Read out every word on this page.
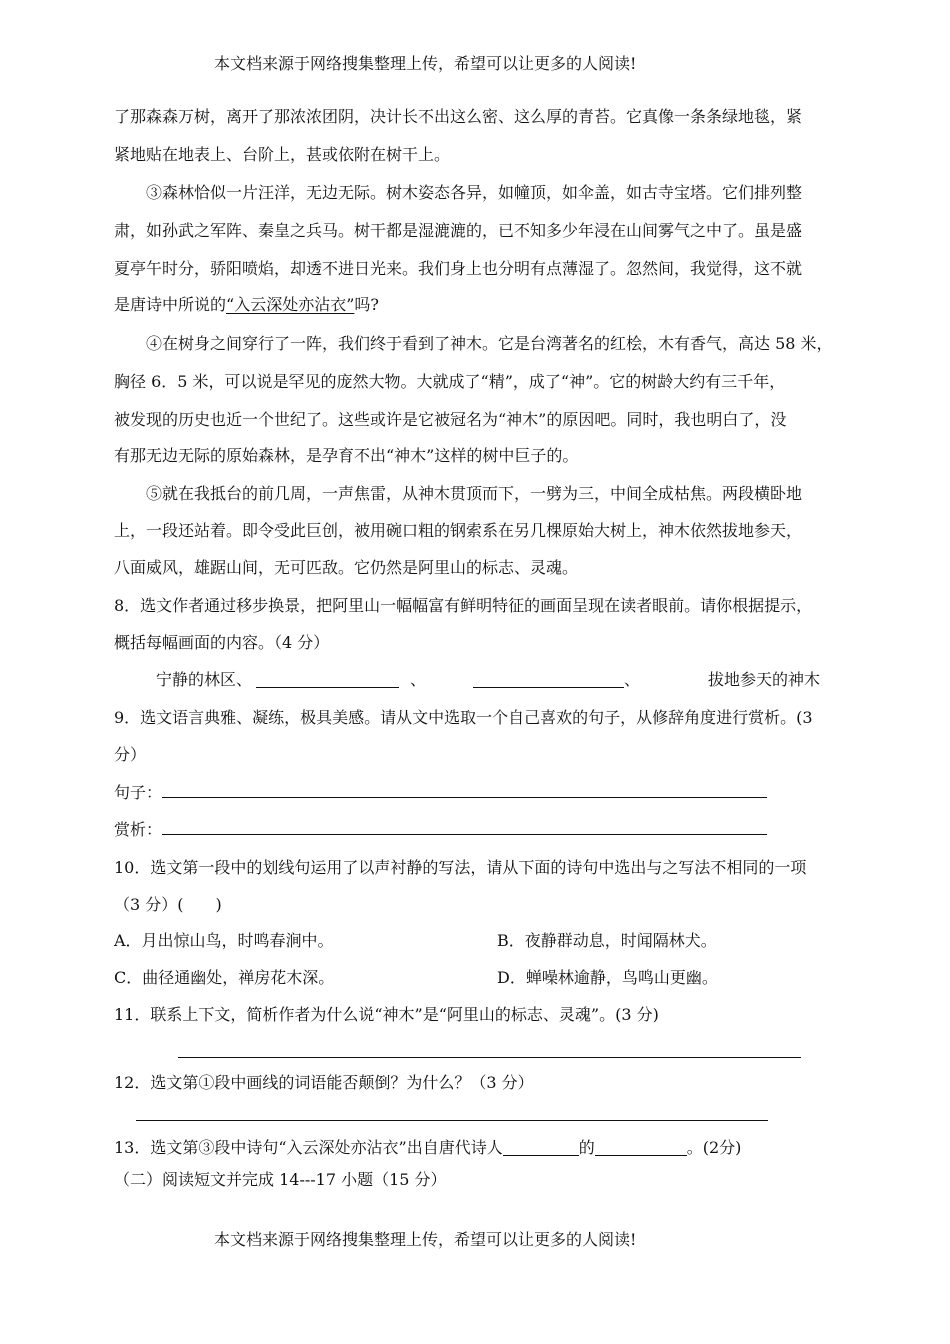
本文档来源于网络搜集整理上传，希望可以让更多的人阅读!
了那森森万树，离开了那浓浓团阴，决计长不出这么密、这么厚的青苔。它真像一条条绿地毯，紧
紧地贴在地表上、台阶上，甚或依附在树干上。
③森林恰似一片汪洋，无边无际。树木姿态各异，如幢顶，如伞盖，如古寺宝塔。它们排列整
肃，如孙武之军阵、秦皇之兵马。树干都是湿漉漉的，已不知多少年浸在山间雾气之中了。虽是盛
夏亭午时分，骄阳喷焰，却透不进日光来。我们身上也分明有点薄湿了。忽然间，我觉得，这不就
是唐诗中所说的“入云深处亦沾衣”吗?
④在树身之间穿行了一阵，我们终于看到了神木。它是台湾著名的红桧，木有香气，高达 58 米，
胸径 6．5 米，可以说是罕见的庞然大物。大就成了“精”，成了“神”。它的树龄大约有三千年，
被发现的历史也近一个世纪了。这些或许是它被冠名为“神木”的原因吧。同时，我也明白了，没
有那无边无际的原始森林，是孕育不出“神木”这样的树中巨子的。
⑤就在我抵台的前几周，一声焦雷，从神木贯顶而下，一劈为三，中间全成枯焦。两段横卧地
上，一段还站着。即令受此巨创，被用碗口粗的钢索系在另几棵原始大树上，神木依然拔地参天，
八面威风，雄踞山间，无可匹敌。它仍然是阿里山的标志、灵魂。
8．选文作者通过移步换景，把阿里山一幅幅富有鲜明特征的画面呈现在读者眼前。请你根据提示，
概括每幅画面的内容。（4 分）
宁静的林区、	、	、	拔地参天的神木
9．选文语言典雅、凝练，极具美感。请从文中选取一个自己喜欢的句子，从修辞角度进行赏析。(3
分）
句子：
赏析：
10．选文第一段中的划线句运用了以声衬静的写法，请从下面的诗句中选出与之写法不相同的一项
（3 分）(　　)
A．月出惊山鸟，时鸣春涧中。	B．夜静群动息，时闻隔林犬。
C．曲径通幽处，禅房花木深。	D．蝉噪林逾静，鸟鸣山更幽。
11．联系上下文，简析作者为什么说“神木”是“阿里山的标志、灵魂”。(3 分)
12．选文第①段中画线的词语能否颠倒？为什么？（3 分）
13．选文第③段中诗句“入云深处亦沾衣”出自唐代诗人	的	。(2分)
（二）阅读短文并完成 14---17 小题（15 分）
本文档来源于网络搜集整理上传，希望可以让更多的人阅读!
